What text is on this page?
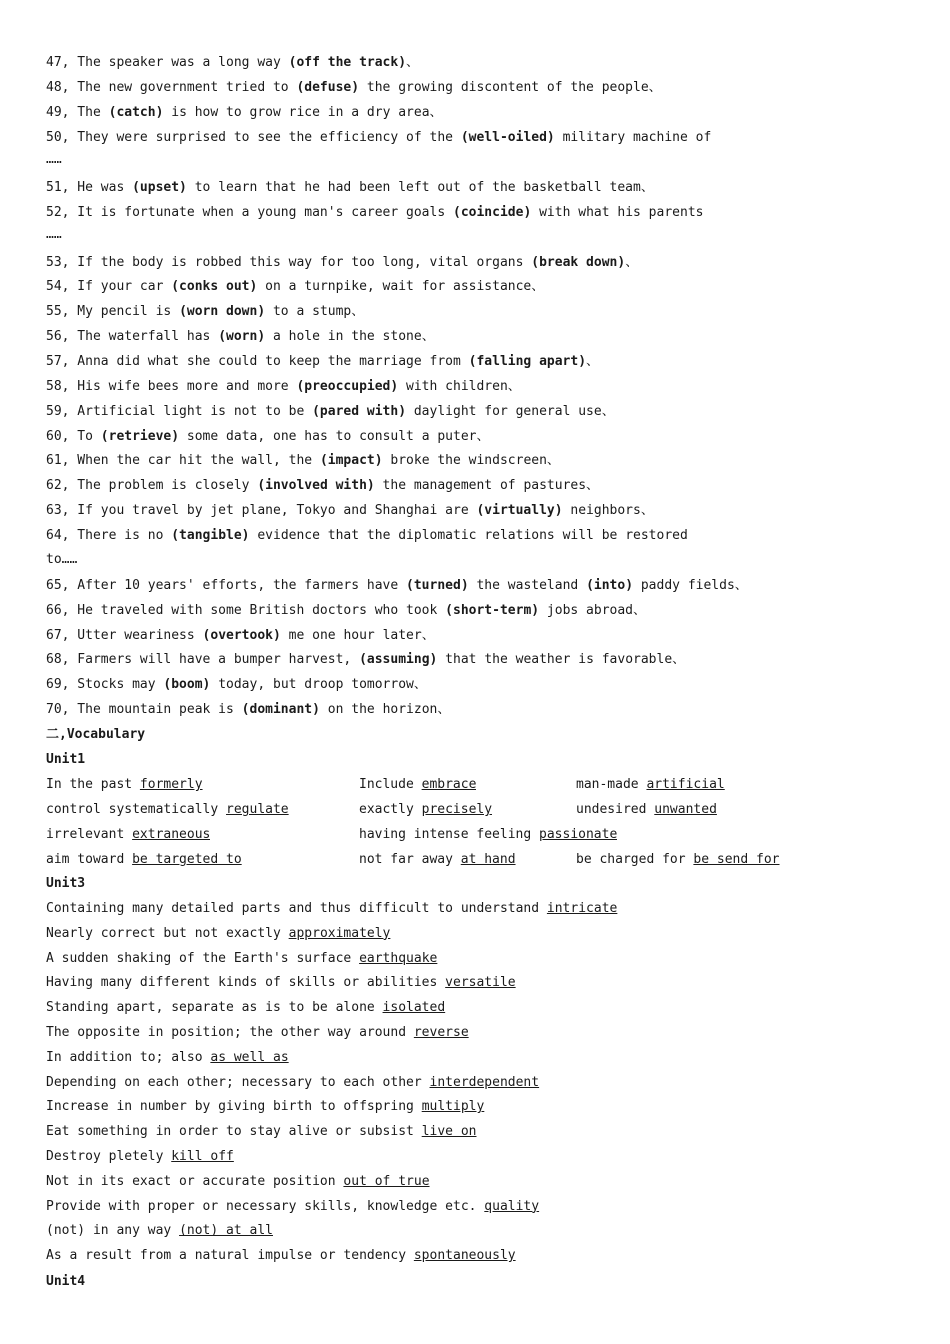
47, The speaker was a long way (off the track)、
48, The new government tried to (defuse) the growing discontent of the people、
49, The (catch) is how to grow rice in a dry area、
50, They were surprised to see the efficiency of the (well-oiled) military machine of
……
51, He was (upset) to learn that he had been left out of the basketball team、
52, It is fortunate when a young man's career goals (coincide) with what his parents
……
53, If the body is robbed this way for too long, vital organs (break down)、
54, If your car (conks out) on a turnpike, wait for assistance、
55, My pencil is (worn down) to a stump、
56, The waterfall has (worn) a hole in the stone、
57, Anna did what she could to keep the marriage from (falling apart)、
58, His wife bees more and more (preoccupied) with children、
59, Artificial light is not to be (pared with) daylight for general use、
60, To (retrieve) some data, one has to consult a puter、
61, When the car hit the wall, the (impact) broke the windscreen、
62, The problem is closely (involved with) the management of pastures、
63, If you travel by jet plane, Tokyo and Shanghai are (virtually) neighbors、
64, There is no (tangible) evidence that the diplomatic relations will be restored
to……
65, After 10 years' efforts, the farmers have (turned) the wasteland (into) paddy fields、
66, He traveled with some British doctors who took (short-term) jobs abroad、
67, Utter weariness (overtook) me one hour later、
68, Farmers will have a bumper harvest, (assuming) that the weather is favorable、
69, Stocks may (boom) today, but droop tomorrow、
70, The mountain peak is (dominant) on the horizon、
二,Vocabulary
Unit1
In the past formerly	Include embrace	man-made artificial
control systematically regulate	exactly precisely	undesired unwanted
irrelevant extraneous	having intense feeling passionate
aim toward be targeted to	not far away at hand	be charged for be send for
Unit3
Containing many detailed parts and thus difficult to understand intricate
Nearly correct but not exactly approximately
A sudden shaking of the Earth's surface earthquake
Having many different kinds of skills or abilities versatile
Standing apart, separate as is to be alone isolated
The opposite in position; the other way around reverse
In addition to; also as well as
Depending on each other; necessary to each other interdependent
Increase in number by giving birth to offspring multiply
Eat something in order to stay alive or subsist live on
Destroy pletely kill off
Not in its exact or accurate position out of true
Provide with proper or necessary skills, knowledge etc. quality
(not) in any way (not) at all
As a result from a natural impulse or tendency spontaneously
Unit4
